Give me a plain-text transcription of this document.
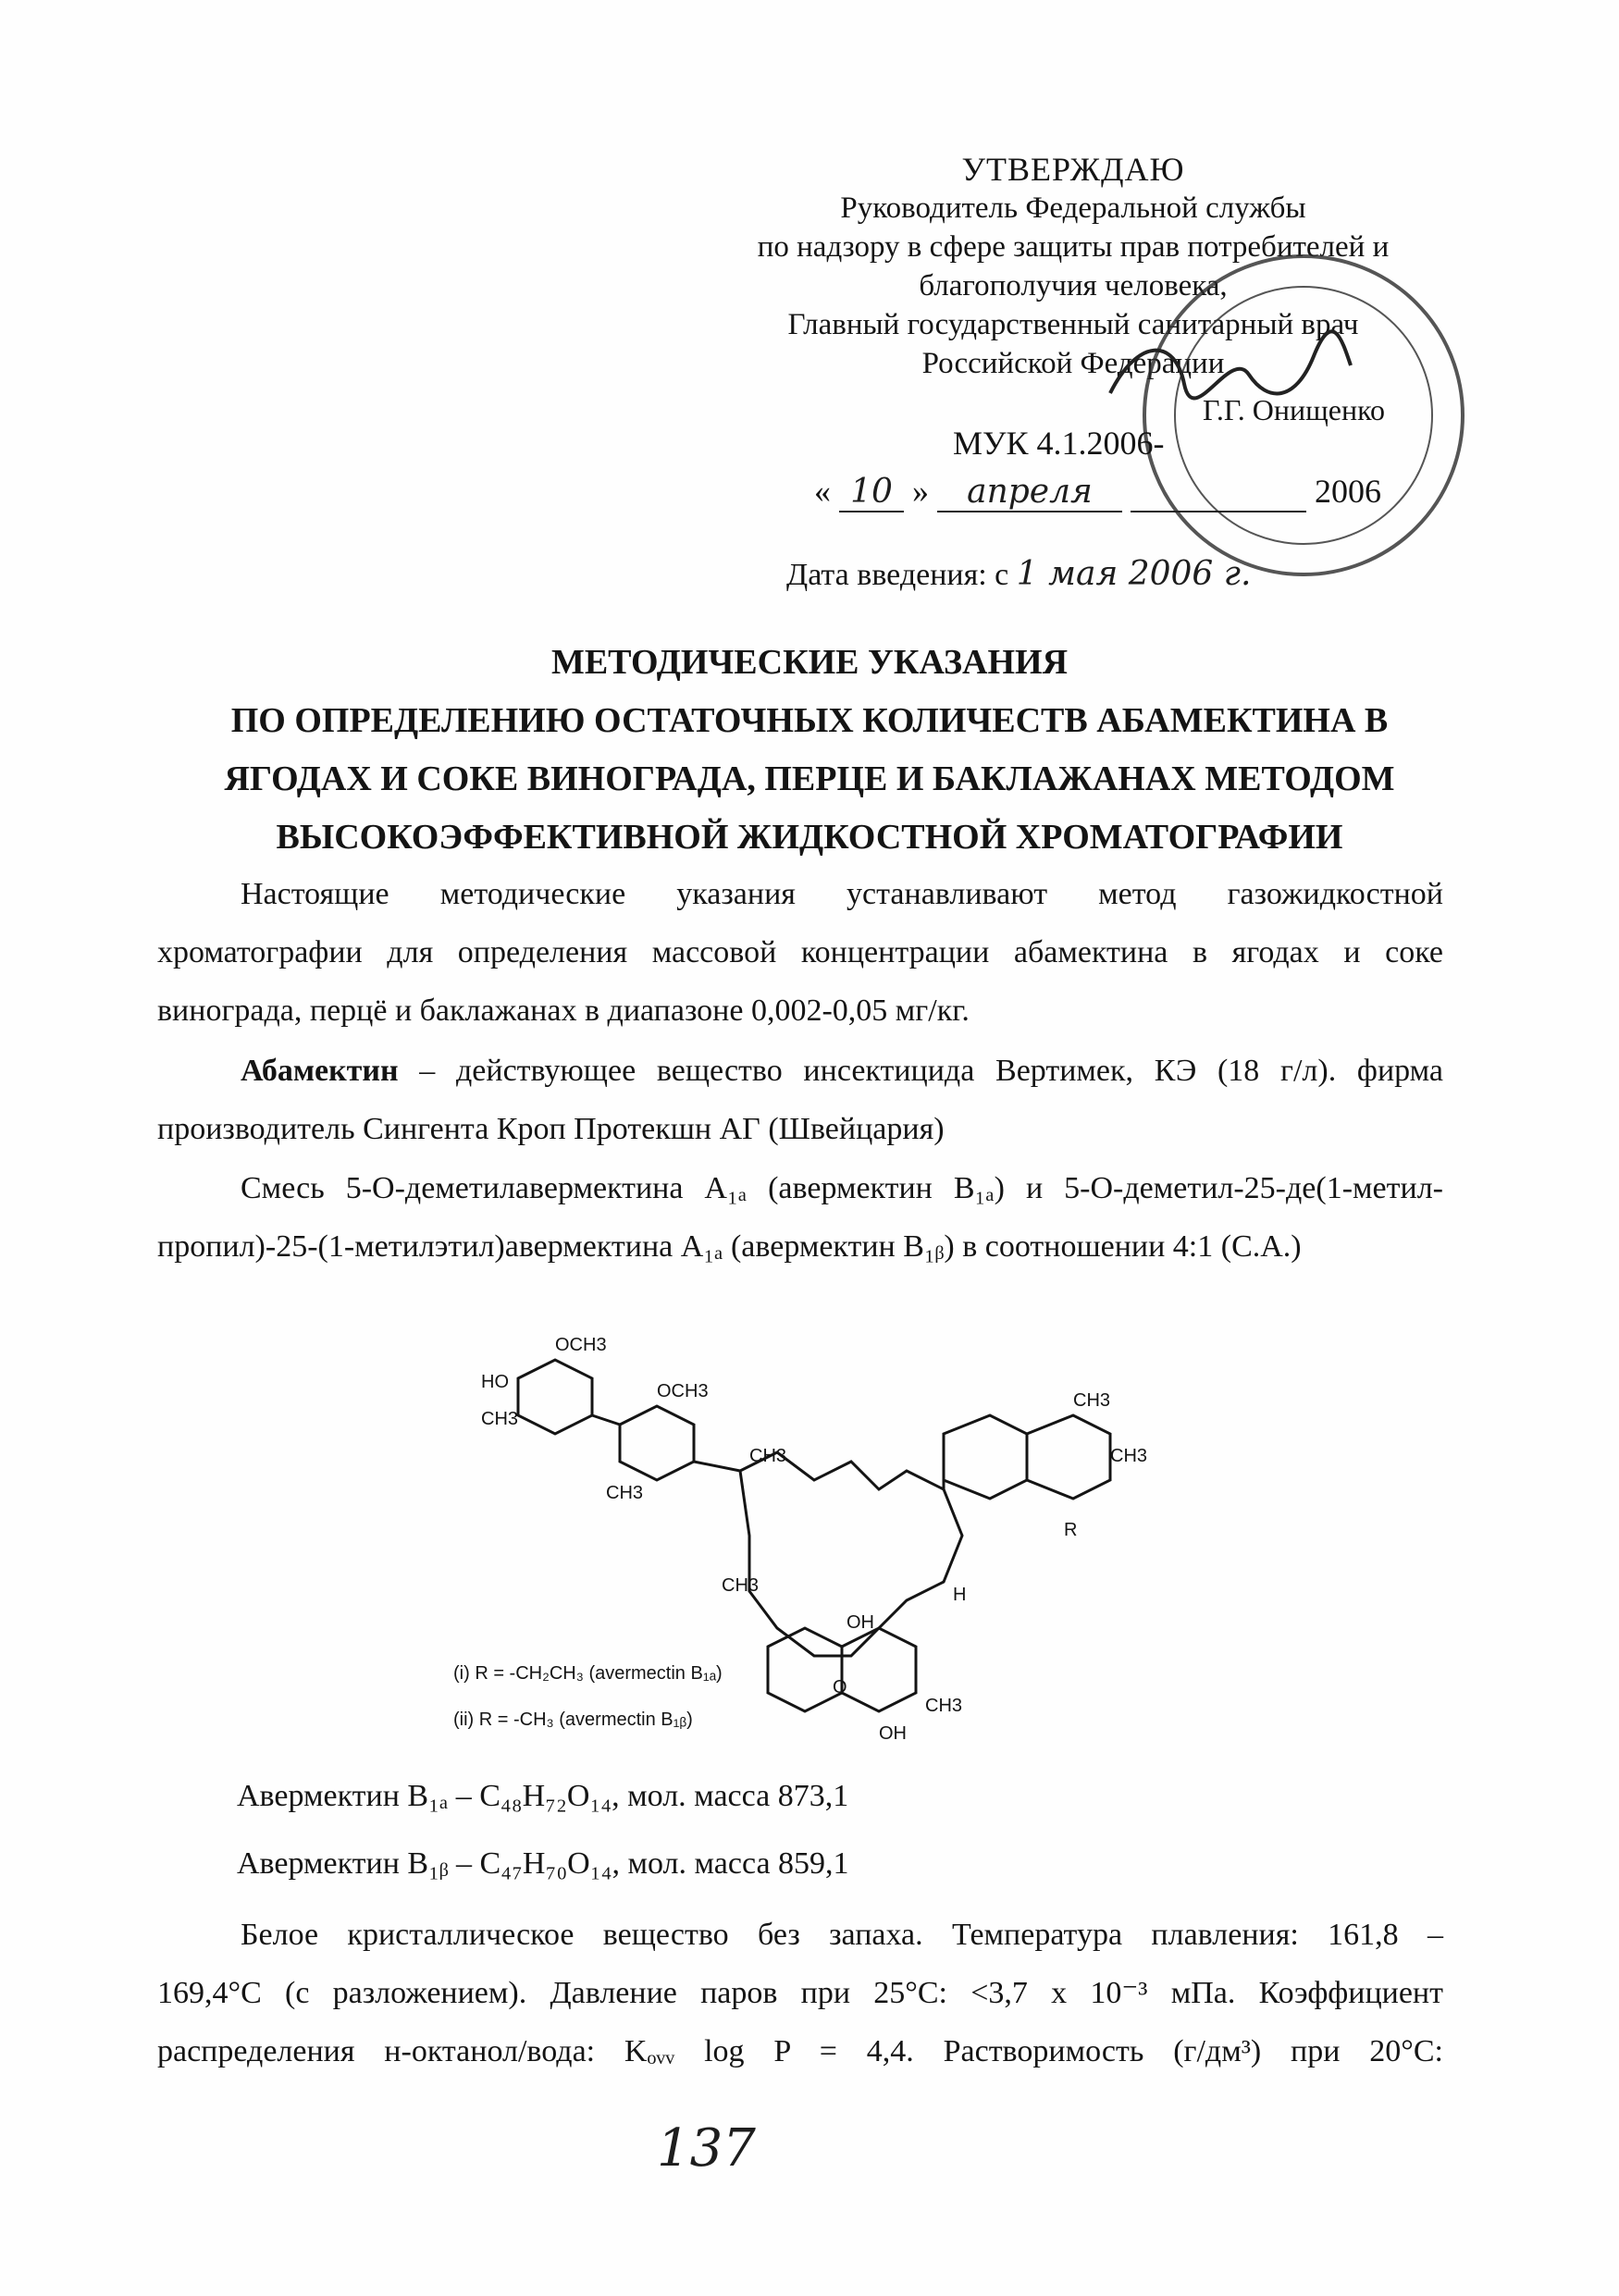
УТВЕРЖДАЮ
Руководитель Федеральной службы
по надзору в сфере защиты прав потребителей и
благополучия человека,
Главный государственный санитарный врач
Российской Федерации
Г.Г. Онищенко
МУК 4.1.2006-
« 10 » апреля	2006
Дата введения: с 1 мая 2006 г.
МЕТОДИЧЕСКИЕ УКАЗАНИЯ
ПО ОПРЕДЕЛЕНИЮ ОСТАТОЧНЫХ КОЛИЧЕСТВ АБАМЕКТИНА В
ЯГОДАХ И СОКЕ ВИНОГРАДА, ПЕРЦЕ И БАКЛАЖАНАХ МЕТОДОМ
ВЫСОКОЭФФЕКТИВНОЙ ЖИДКОСТНОЙ ХРОМАТОГРАФИИ
Настоящие методические указания устанавливают метод газожидкостной
хроматографии для определения массовой концентрации абамектина в ягодах и соке
винограда, перцё и баклажанах в диапазоне 0,002-0,05 мг/кг.
Абамектин – действующее вещество инсектицида Вертимек, КЭ (18 г/л). фирма
производитель Сингента Кроп Протекшн АГ (Швейцария)
Смесь 5-О-деметилавермектина A₁ₐ (авермектин B₁ₐ) и 5-О-деметил-25-де(1-метил-
пропил)-25-(1-метилэтил)авермектина A₁ₐ (авермектин B₁ᵦ) в соотношении 4:1 (С.А.)
OCH3
HO
CH3
OCH3
CH3
CH3
CH3
CH3
CH3
R
OH
OH
H
O
CH3
(i) R = -CH₂CH₃ (avermectin B₁ₐ)
(ii) R = -CH₃ (avermectin B₁ᵦ)
Авермектин B₁ₐ – C₄₈H₇₂O₁₄, мол. масса 873,1
Авермектин B₁ᵦ – C₄₇H₇₀O₁₄, мол. масса 859,1
Белое кристаллическое вещество без запаха. Температура плавления: 161,8 –
169,4°C (с разложением). Давление паров при 25°C: <3,7 x 10⁻³ мПа. Коэффициент
распределения н-октанол/вода: Kₒᵥᵥ log P = 4,4. Растворимость (г/дм³) при 20°C:
137
